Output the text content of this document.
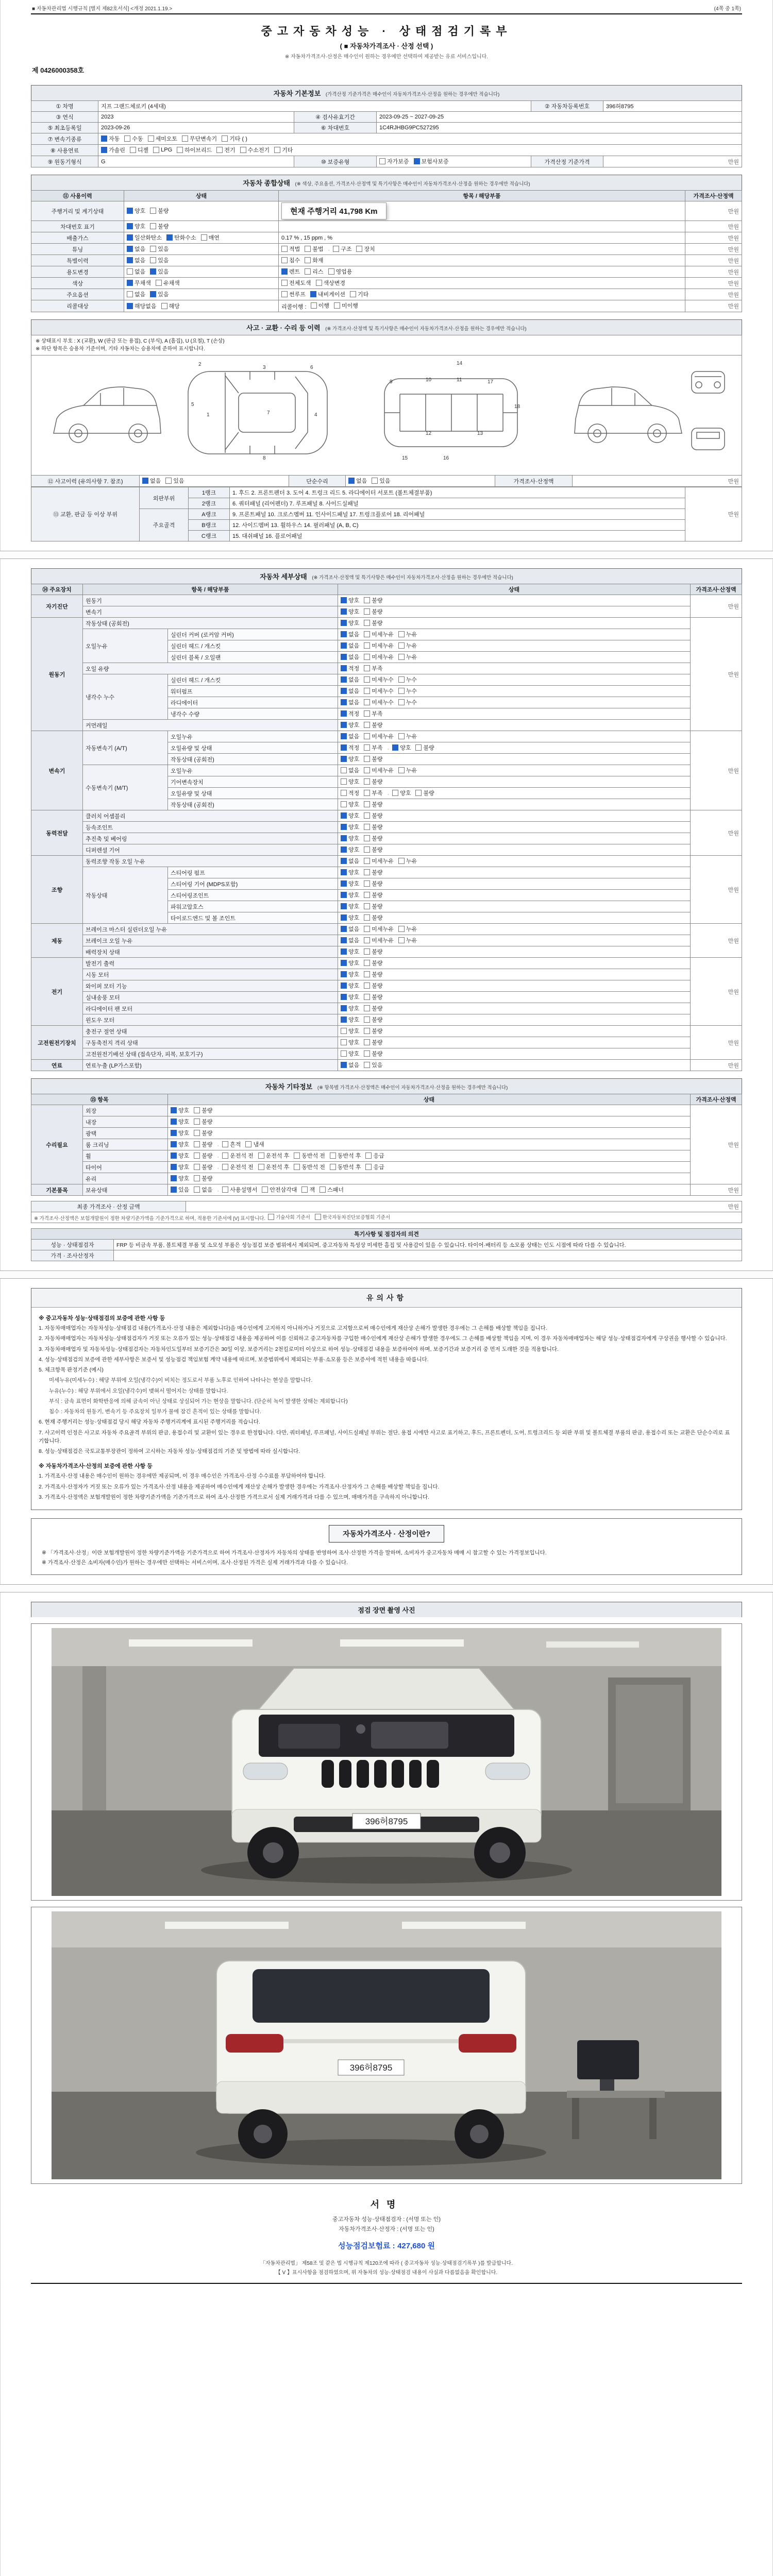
■ 자동차관리법 시행규칙 [별지 제82호서식] <개정 2021.1.19.>	(4쪽 중 1쪽)
중고자동차성능 · 상태점검기록부
( ■ 자동차가격조사 · 산정 선택 )
※ 자동차가격조사·산정은 매수인이 원하는 경우에만 선택하여 제공받는 유료 서비스입니다.
제 0426000358호
자동차 기본정보 (가격산정 기준가격은 매수인이 자동차가격조사·산정을 원하는 경우에만 적습니다)
① 차명	지프 그랜드체로키 (4세대)			② 자동차등록번호	396허8795
③ 연식	2023	④ 검사유효기간	2023-09-25 ~ 2027-09-25		
⑤ 최초등록일	2023-09-26	⑥ 차대번호	1C4RJHBG9PC527295		
⑦ 변속기종류	자동 수동 세미오토 무단변속기 기타 ( )				

⑧ 사용연료	가솔린 디젤 LPG 하이브리드 전기 수소전기 기타

⑨ 원동기형식	G	⑩ 보증유형	자가보증 보험사보증	가격산정 기준가격	만원
자동차 종합상태 (※ 색상, 주요옵션, 가격조사·산정액 및 특기사항은 매수인이 자동차가격조사·산정을 원하는 경우에만 적습니다)
⑪ 사용이력	상태	항목 / 해당부품	가격조사·산정액
주행거리 및 계기상태	양호 불량	현재 주행거리 41,798 Km	만원
차대번호 표기	양호 불량		만원
배출가스	일산화탄소 탄화수소 매연	0.17 % , 15 ppm , %	만원
튜닝	없음 있음	적법 불법 · 구조 장치	만원
특별이력	없음 있음	침수 화재	만원
용도변경	없음 있음	렌트 리스 영업용	만원
색상	무채색 유채색	전체도색 색상변경	만원
주요옵션	없음 있음	썬루프 내비게이션 기타	만원
리콜대상	해당없음 해당	리콜이행 : 이행 미이행	만원
사고 · 교환 · 수리 등 이력 (※ 가격조사·산정액 및 특기사항은 매수인이 자동차가격조사·산정을 원하는 경우에만 적습니다)
※ 상태표시 부호 : X (교환), W (판금 또는 용접), C (부식), A (흠집), U (요철), T (손상)
※ 하단 항목은 승용차 기준이며, 기타 자동차는 승용차에 준하여 표시합니다.
1
2
3
4
5
6
7
8
9	10	11
12	13
14
15	16
17
18
⑫ 사고이력 (유의사항 7. 참조)	없음 있음	단순수리	없음 있음	가격조사·산정액	만원
⑬ 교환, 판금 등 이상 부위	외판부위	1랭크	1. 후드 2. 프론트펜더 3. 도어 4. 트렁크 리드 5. 라디에이터 서포트 (볼트체결부품)	만원
		2랭크	6. 쿼터패널 (리어펜더) 7. 루프패널 8. 사이드실패널	
	주요골격	A랭크	9. 프론트패널 10. 크로스멤버 11. 인사이드패널 17. 트렁크플로어 18. 리어패널	
		B랭크	12. 사이드멤버 13. 휠하우스 14. 필러패널 (A, B, C)	
		C랭크	15. 대쉬패널 16. 플로어패널	
자동차 세부상태 (※ 가격조사·산정액 및 특기사항은 매수인이 자동차가격조사·산정을 원하는 경우에만 적습니다)
⑭ 주요장치	항목 / 해당부품		상태	가격조사·산정액
자기진단	원동기		양호 불량	만원
	변속기		양호 불량	

원동기	작동상태 (공회전)		양호 불량	만원
	오일누유	실린더 커버 (로커암 커버)	없음 미세누유 누유	

		실린더 헤드 / 개스킷	없음 미세누유 누유	

		실린더 블록 / 오일팬	없음 미세누유 누유	

	오일 유량		적정 부족	

	냉각수 누수	실린더 헤드 / 개스킷	없음 미세누수 누수	

		워터펌프	없음 미세누수 누수	

		라디에이터	없음 미세누수 누수	

		냉각수 수량	적정 부족	

	커먼레일		양호 불량	

변속기	자동변속기 (A/T)	오일누유	없음 미세누유 누유	만원
		오일유량 및 상태	적정 부족 · 양호 불량	

		작동상태 (공회전)	양호 불량	

	수동변속기 (M/T)	오일누유	없음 미세누유 누유	

		기어변속장치	양호 불량	

		오일유량 및 상태	적정 부족 · 양호 불량	

		작동상태 (공회전)	양호 불량	

동력전달	클러치 어셈블리		양호 불량	만원
	등속조인트		양호 불량	

	추진축 및 베어링		양호 불량	

	디퍼렌셜 기어		양호 불량	

조향	동력조향 작동 오일 누유		없음 미세누유 누유	만원
	작동상태	스티어링 펌프	양호 불량	

		스티어링 기어 (MDPS포함)	양호 불량	

		스티어링조인트	양호 불량	

		파워고압호스	양호 불량	

		타이로드엔드 및 볼 조인트	양호 불량	

제동	브레이크 마스터 실린더오일 누유		없음 미세누유 누유	만원
	브레이크 오일 누유		없음 미세누유 누유	

	배력장치 상태		양호 불량	

전기	발전기 출력		양호 불량	만원
	시동 모터		양호 불량	

	와이퍼 모터 기능		양호 불량	

	실내송풍 모터		양호 불량	

	라디에이터 팬 모터		양호 불량	

	윈도우 모터		양호 불량	

고전원전기장치	충전구 절연 상태		양호 불량	만원
	구동축전지 격리 상태		양호 불량	

	고전원전기배선 상태 (접속단자, 피복, 보호기구)		양호 불량	

연료	연료누출 (LP가스포함)		없음 있음	만원
자동차 기타정보 (※ 항목별 가격조사·산정액은 매수인이 자동차가격조사·산정을 원하는 경우에만 적습니다)
⑮ 항목		상태	가격조사·산정액
수리필요	외장	양호 불량	만원
	내장	양호 불량	

	광택	양호 불량	

	룸 크리닝	양호 불량 · 흔적 냄새	

휠	양호 불량 · 운전석 전 운전석 후 동반석 전 동반석 후 응급

타이어	양호 불량 · 운전석 전 운전석 후 동반석 전 동반석 후 응급

	유리	양호 불량	

기본품목	보유상태	있음 없음 · 사용설명서 안전삼각대 잭 스패너	만원
최종 가격조사 · 산정 금액	만원
※ 가격조사·산정액은 보험개발원이 정한 차량기준가액을 기준가격으로 하며, 적용한 기준서에 [V] 표시합니다. 기술사회 기준서	한국자동차진단보증협회 기준서
특기사항 및 점검자의 의견	
성능 · 상태점검자	FRP 등 비금속 부품, 볼트체결 부품 및 소모성 부품은 성능점검 보증 범위에서 제외되며, 중고자동차 특성상 미세한 흠집 및 사용감이 있을 수 있습니다. 타이어·배터리 등 소모품 상태는 인도 시점에 따라 다를 수 있습니다.
가격 · 조사산정자	
유의사항
※ 중고자동차 성능·상태점검의 보증에 관한 사항 등
1. 자동차매매업자는 자동차성능·상태점검 내용(가격조사·산정 내용은 제외합니다)을 매수인에게 고지하지 아니하거나 거짓으로 고지함으로써 매수인에게 재산상 손해가 발생한 경우에는 그 손해를 배상할 책임을 집니다.
2. 자동차매매업자는 자동차성능·상태점검자가 거짓 또는 오류가 있는 성능·상태점검 내용을 제공하여 이를 신뢰하고 중고자동차를 구입한 매수인에게 재산상 손해가 발생한 경우에도 그 손해를 배상할 책임을 지며, 이 경우 자동차매매업자는 해당 성능·상태점검자에게 구상권을 행사할 수 있습니다.
3. 자동차매매업자 및 자동차성능·상태점검자는 자동차인도일부터 보증기간은 30일 이상, 보증거리는 2천킬로미터 이상으로 하여 성능·상태점검 내용을 보증하여야 하며, 보증기간과 보증거리 중 먼저 도래한 것을 적용합니다.
4. 성능·상태점검의 보증에 관한 세부사항은 보증서 및 성능점검 책임보험 계약 내용에 따르며, 보증범위에서 제외되는 부품·소모품 등은 보증서에 적힌 내용을 따릅니다.
5. 체크항목 판정기준 (예시)
미세누유(미세누수) : 해당 부위에 오일(냉각수)이 비치는 정도로서 부품 노후로 인하여 나타나는 현상을 말합니다.
누유(누수) : 해당 부위에서 오일(냉각수)이 맺혀서 떨어지는 상태를 말합니다.
부식 : 금속 표면이 화학반응에 의해 금속이 아닌 상태로 상실되어 가는 현상을 말합니다. (단순히 녹이 발생한 상태는 제외합니다)
침수 : 자동차의 원동기, 변속기 등 주요장치 일부가 물에 잠긴 흔적이 있는 상태를 말합니다.
6. 현재 주행거리는 성능·상태점검 당시 해당 자동차 주행거리계에 표시된 주행거리를 적습니다.
7. 사고이력 인정은 사고로 자동차 주요골격 부위의 판금, 용접수리 및 교환이 있는 경우로 한정합니다. 다만, 쿼터패널, 루프패널, 사이드실패널 부위는 절단, 용접 시에만 사고로 표기하고, 후드, 프론트펜더, 도어, 트렁크리드 등 외판 부위 및 볼트체결 부품의 판금, 용접수리 또는 교환은 단순수리로 표기합니다.
8. 성능·상태점검은 국토교통부장관이 정하여 고시하는 자동차 성능·상태점검의 기준 및 방법에 따라 실시합니다.
※ 자동차가격조사·산정의 보증에 관한 사항 등
1. 가격조사·산정 내용은 매수인이 원하는 경우에만 제공되며, 이 경우 매수인은 가격조사·산정 수수료를 부담하여야 합니다.
2. 가격조사·산정자가 거짓 또는 오류가 있는 가격조사·산정 내용을 제공하여 매수인에게 재산상 손해가 발생한 경우에는 가격조사·산정자가 그 손해를 배상할 책임을 집니다.
3. 가격조사·산정액은 보험개발원이 정한 차량기준가액을 기준가격으로 하여 조사·산정한 가격으로서 실제 거래가격과 다를 수 있으며, 매매가격을 구속하지 아니합니다.
자동차가격조사 · 산정이란?
※ 「가격조사·산정」이란 보험개발원이 정한 차량기준가액을 기준가격으로 하여 가격조사·산정자가 자동차의 상태를 반영하여 조사·산정한 가격을 말하며, 소비자가 중고자동차 매매 시 참고할 수 있는 가격정보입니다.
※ 가격조사·산정은 소비자(매수인)가 원하는 경우에만 선택하는 서비스이며, 조사·산정된 가격은 실제 거래가격과 다를 수 있습니다.
점검 장면 촬영 사진
396허8795
396허8795
서명
중고자동차 성능·상태점검자 : (서명 또는 인)
자동차가격조사·산정자 : (서명 또는 인)
성능점검보험료 : 427,680 원
「자동차관리법」 제58조 및 같은 법 시행규칙 제120조에 따라 ( 중고자동차 성능·상태점검기록부 )를 발급합니다.
【 V 】표시사항을 점검하였으며, 위 자동차의 성능·상태점검 내용이 사실과 다름없음을 확인합니다.
